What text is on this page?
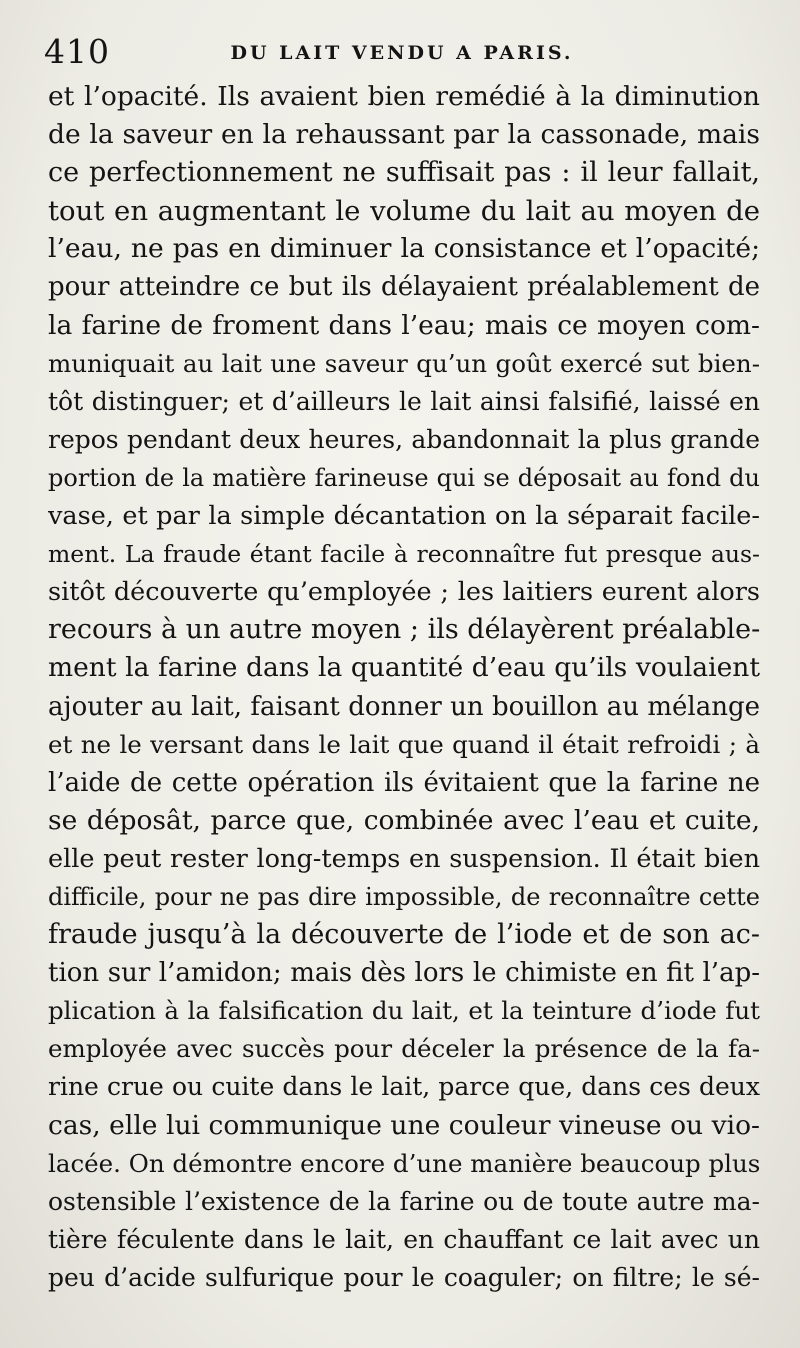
410	DU LAIT VENDU A PARIS.
et l’opacité. Ils avaient bien remédié à la diminution
de la saveur en la rehaussant par la cassonade, mais
ce perfectionnement ne suffisait pas : il leur fallait,
tout en augmentant le volume du lait au moyen de
l’eau, ne pas en diminuer la consistance et l’opacité;
pour atteindre ce but ils délayaient préalablement de
la farine de froment dans l’eau; mais ce moyen com-
muniquait au lait une saveur qu’un goût exercé sut bien-
tôt distinguer; et d’ailleurs le lait ainsi falsifié, laissé en
repos pendant deux heures, abandonnait la plus grande
portion de la matière farineuse qui se déposait au fond du
vase, et par la simple décantation on la séparait facile-
ment. La fraude étant facile à reconnaître fut presque aus-
sitôt découverte qu’employée ; les laitiers eurent alors
recours à un autre moyen ; ils délayèrent préalable-
ment la farine dans la quantité d’eau qu’ils voulaient
ajouter au lait, faisant donner un bouillon au mélange
et ne le versant dans le lait que quand il était refroidi ; à
l’aide de cette opération ils évitaient que la farine ne
se déposât, parce que, combinée avec l’eau et cuite,
elle peut rester long-temps en suspension. Il était bien
difficile, pour ne pas dire impossible, de reconnaître cette
fraude jusqu’à la découverte de l’iode et de son ac-
tion sur l’amidon; mais dès lors le chimiste en fit l’ap-
plication à la falsification du lait, et la teinture d’iode fut
employée avec succès pour déceler la présence de la fa-
rine crue ou cuite dans le lait, parce que, dans ces deux
cas, elle lui communique une couleur vineuse ou vio-
lacée. On démontre encore d’une manière beaucoup plus
ostensible l’existence de la farine ou de toute autre ma-
tière féculente dans le lait, en chauffant ce lait avec un
peu d’acide sulfurique pour le coaguler; on filtre; le sé-
